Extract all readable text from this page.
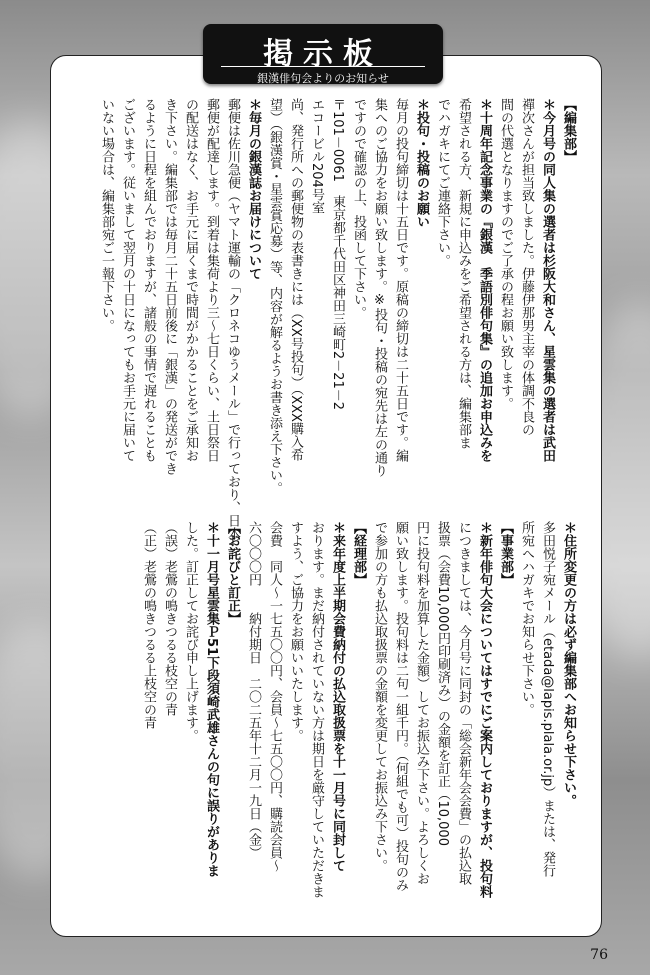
【編集部】

＊今月号の同人集の選者は杉阪大和さん、星雲集の選者は武田

禪次さんが担当致しました。伊藤伊那男主宰の体調不良の

間の代選となりますのでご了承の程お願い致します。

＊十周年記念事業の『銀漢　季語別俳句集』の追加お申込みを

希望される方、新規に申込みをご希望される方は、編集部ま

でハガキにてご連絡下さい。

＊投句・投稿のお願い

毎月の投句締切は十五日です。原稿の締切は二十五日です。編

集へのご協力をお願い致します。※投句・投稿の宛先は左の通り

ですので確認の上、投函して下さい。

〒101－0061　東京都千代田区神田三崎町2－21－2

エコービル204号室

尚、発行所への郵便物の表書きには（XX号投句）（XXX購入希

望）（銀漢賞・星雲賞応募）等、内容が解るようお書き添え下さい。

＊毎月の銀漢誌お届けについて

郵便は佐川急便（ヤマト運輸の「クロネコゆうメール」で行っており、日本

郵便が配達します。到着は集荷より三～七日くらい、土日祭日

の配送はなく、お手元に届くまで時間がかかることをご承知お

き下さい。編集部では毎月二十五日前後に「銀漢」の発送ができ

るように日程を組んでおりますが、諸般の事情で遅れることも

ございます。従いまして翌月の十日になってもお手元に届いて

いない場合は、編集部宛ご一報下さい。

＊住所変更の方は必ず編集部へお知らせ下さい。

多田悦子宛メール（etada@lapis.plala.or.jp）または、発行

所宛へハガキでお知らせ下さい。

【事業部】

＊新年俳句大会についてはすでにご案内しておりますが、投句料

につきましては、今月号に同封の「総会新年会会費」の払込取

扱票（会費10,000円印刷済み）の金額を訂正（10,000

円に投句料を加算した金額）してお振込み下さい。よろしくお

願い致します。投句料は二句一組千円。（何組でも可）投句のみ

で参加の方も払込取扱票の金額を変更してお振込み下さい。

【経理部】

＊来年度上半期会費納付の払込取扱票を十一月号に同封して

おります。まだ納付されていない方は期日を厳守していただきま

すよう、ご協力をお願いいたします。

会費　同人～一七五〇〇円、会員～七五〇〇円、購読会員～

六〇〇〇円　　納付期日　二〇二五年十二月一九日（金）

【お詫びと訂正】

＊十一月号星雲集Ｐ51下段須崎武雄さんの句に誤りがありま

した。訂正してお詫び申し上げます。

（誤）老鶯の鳴きつるる枝空の青

（正）老鶯の鳴きつるる上枝空の青

掲示板
銀漢俳句会よりのお知らせ
76
